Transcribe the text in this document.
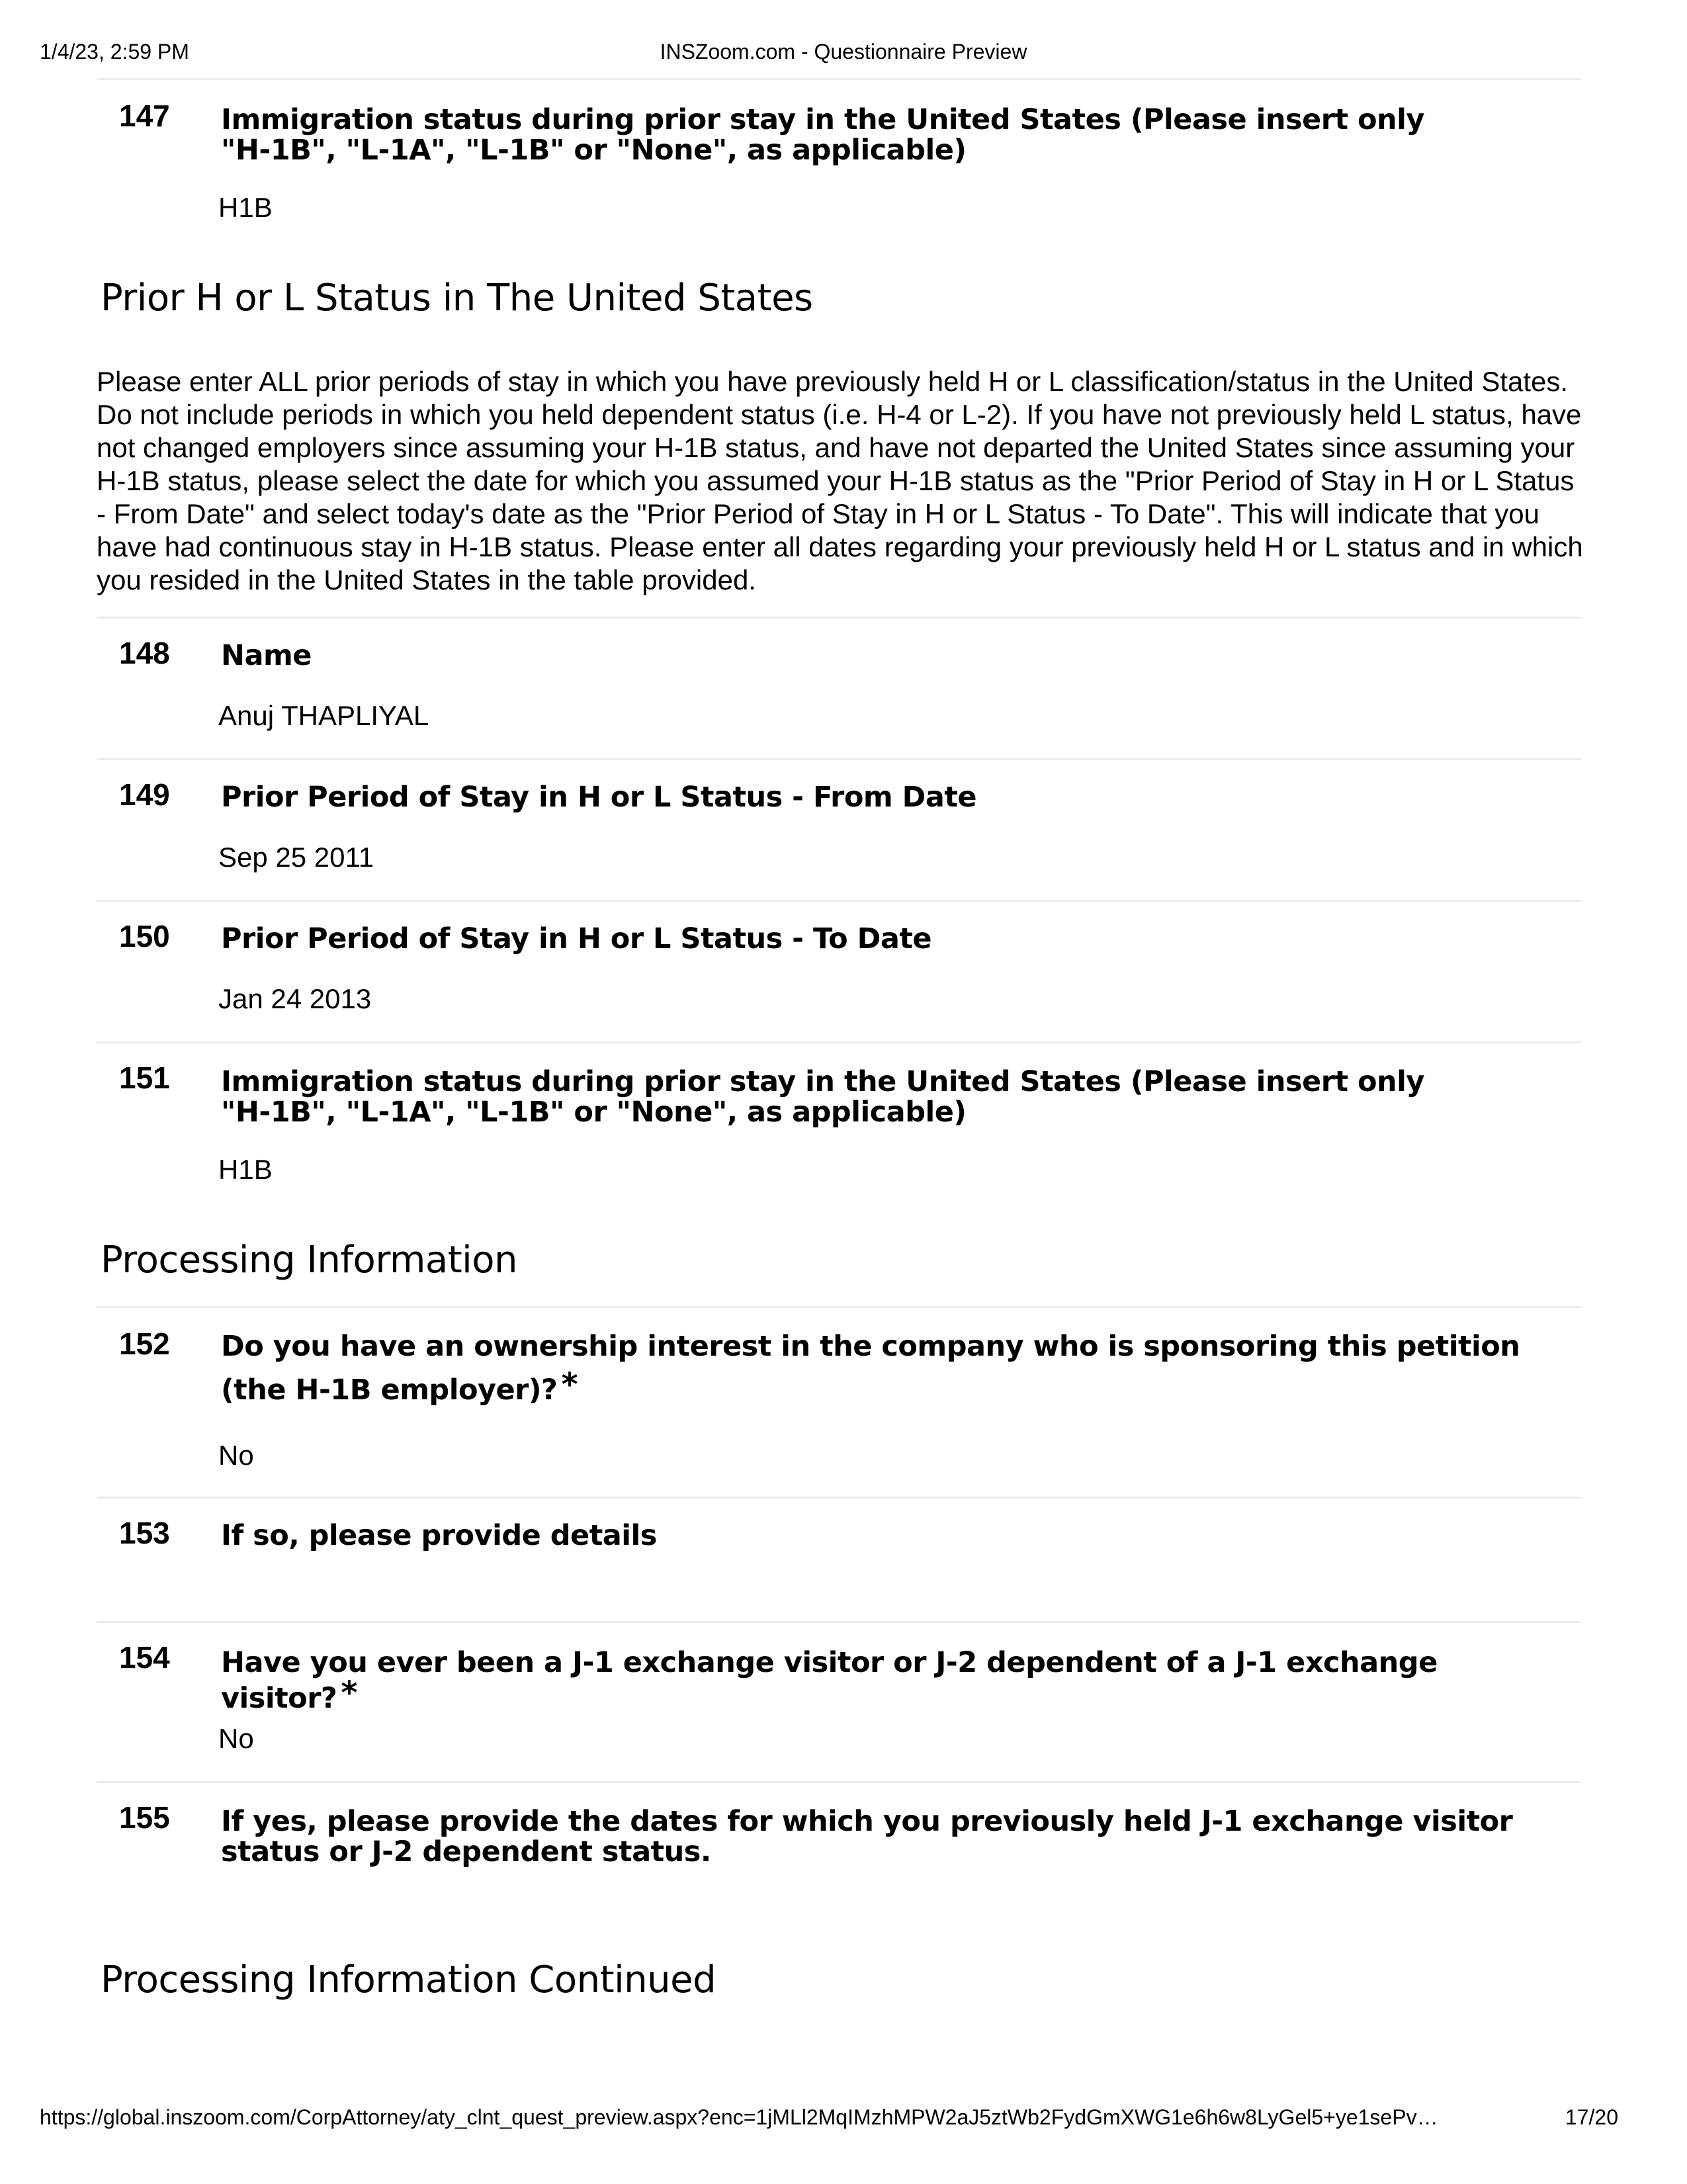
1/4/23, 2:59 PM	INSZoom.com - Questionnaire Preview
147 Immigration status during prior stay in the United States (Please insert only "H-1B", "L-1A", "L-1B" or "None", as applicable)
H1B
Prior H or L Status in The United States
Please enter ALL prior periods of stay in which you have previously held H or L classification/status in the United States. Do not include periods in which you held dependent status (i.e. H-4 or L-2). If you have not previously held L status, have not changed employers since assuming your H-1B status, and have not departed the United States since assuming your H-1B status, please select the date for which you assumed your H-1B status as the "Prior Period of Stay in H or L Status - From Date" and select today's date as the "Prior Period of Stay in H or L Status - To Date". This will indicate that you have had continuous stay in H-1B status. Please enter all dates regarding your previously held H or L status and in which you resided in the United States in the table provided.
148 Name
Anuj THAPLIYAL
149 Prior Period of Stay in H or L Status - From Date
Sep 25 2011
150 Prior Period of Stay in H or L Status - To Date
Jan 24 2013
151 Immigration status during prior stay in the United States (Please insert only "H-1B", "L-1A", "L-1B" or "None", as applicable)
H1B
Processing Information
152 Do you have an ownership interest in the company who is sponsoring this petition (the H-1B employer)? *
No
153 If so, please provide details
154 Have you ever been a J-1 exchange visitor or J-2 dependent of a J-1 exchange visitor? *
No
155 If yes, please provide the dates for which you previously held J-1 exchange visitor status or J-2 dependent status.
Processing Information Continued
https://global.inszoom.com/CorpAttorney/aty_clnt_quest_preview.aspx?enc=1jMLl2MqIMzhMPW2aJ5ztWb2FydGmXWG1e6h6w8LyGel5+ye1sePv…	17/20
